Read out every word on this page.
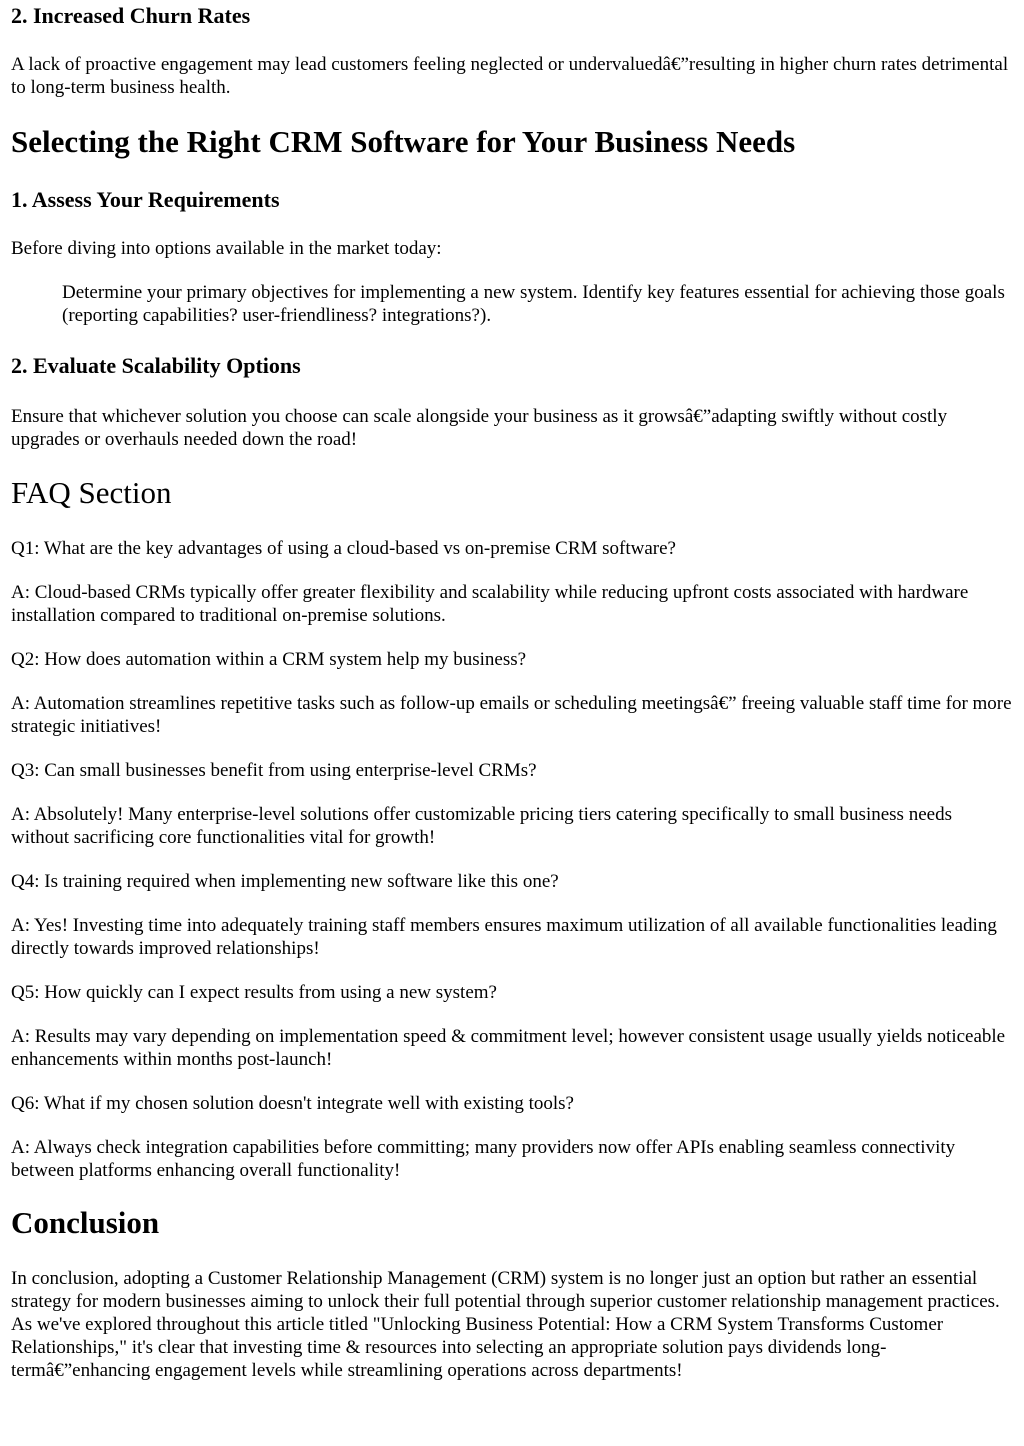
2. Increased Churn Rates

A lack of proactive engagement may lead customers feeling neglected or undervaluedâ€”resulting in higher churn rates detrimental to long-term business health.

Selecting the Right CRM Software for Your Business Needs
1. Assess Your Requirements

Before diving into options available in the market today:

Determine your primary objectives for implementing a new system. Identify key features essential for achieving those goals (reporting capabilities? user-friendliness? integrations?).
2. Evaluate Scalability Options

Ensure that whichever solution you choose can scale alongside your business as it growsâ€”adapting swiftly without costly upgrades or overhauls needed down the road!

FAQ Section

Q1: What are the key advantages of using a cloud-based vs on-premise CRM software?

A: Cloud-based CRMs typically offer greater flexibility and scalability while reducing upfront costs associated with hardware installation compared to traditional on-premise solutions.

Q2: How does automation within a CRM system help my business?

A: Automation streamlines repetitive tasks such as follow-up emails or scheduling meetingsâ€” freeing valuable staff time for more strategic initiatives!

Q3: Can small businesses benefit from using enterprise-level CRMs?

A: Absolutely! Many enterprise-level solutions offer customizable pricing tiers catering specifically to small business needs without sacrificing core functionalities vital for growth!

Q4: Is training required when implementing new software like this one?

A: Yes! Investing time into adequately training staff members ensures maximum utilization of all available functionalities leading directly towards improved relationships!

Q5: How quickly can I expect results from using a new system?

A: Results may vary depending on implementation speed & commitment level; however consistent usage usually yields noticeable enhancements within months post-launch!

Q6: What if my chosen solution doesn't integrate well with existing tools?

A: Always check integration capabilities before committing; many providers now offer APIs enabling seamless connectivity between platforms enhancing overall functionality!

Conclusion

In conclusion, adopting a Customer Relationship Management (CRM) system is no longer just an option but rather an essential strategy for modern businesses aiming to unlock their full potential through superior customer relationship management practices. As we've explored throughout this article titled "Unlocking Business Potential: How a CRM System Transforms Customer Relationships," it's clear that investing time & resources into selecting an appropriate solution pays dividends long-termâ€”enhancing engagement levels while streamlining operations across departments!
